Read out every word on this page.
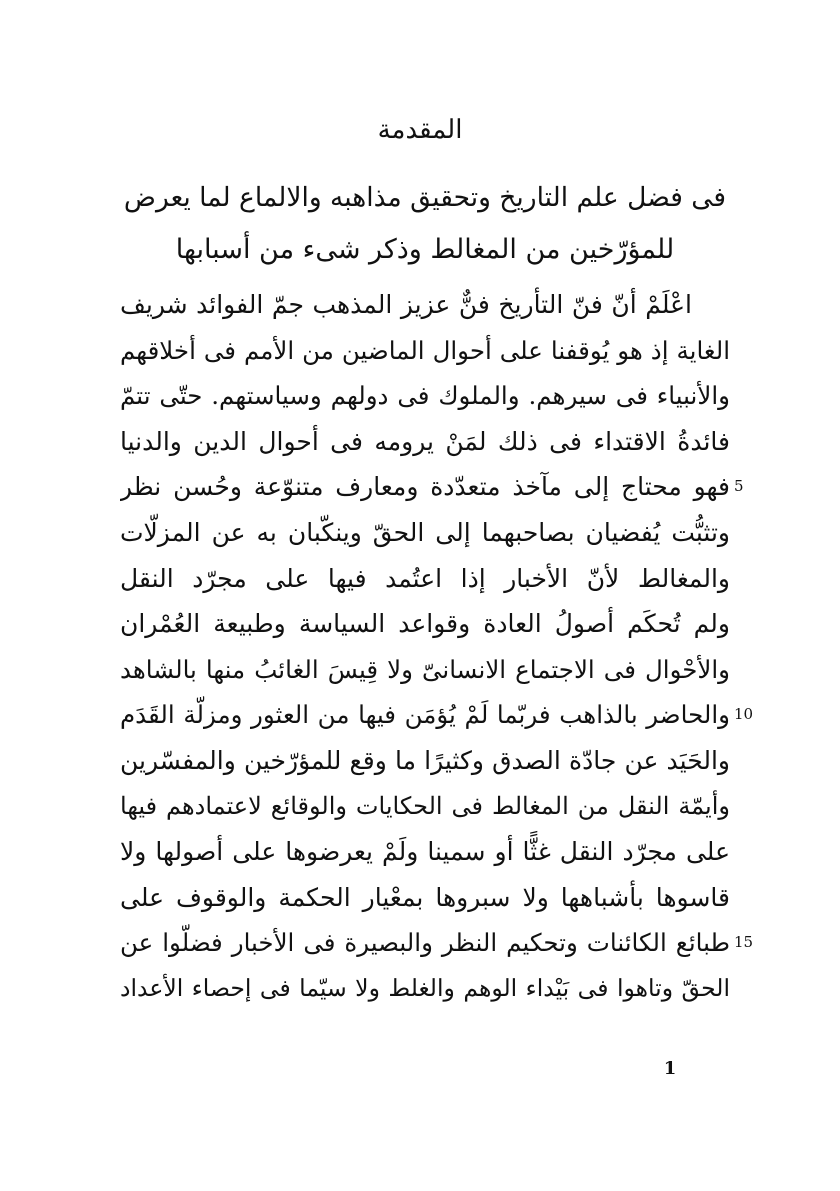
المقدمة
فى فضل علم التاريخ وتحقيق مذاهبه والالماع لما يعرض
للمؤرّخين من المغالط وذكر شىء من أسبابها
اعْلَمْ أنّ فنّ التأريخ فنٌّ عزيز المذهب جمّ الفوائد شريف
الغاية إذ هو يُوقفنا على أحوال الماضين من الأمم فى أخلاقهم
والأنبياء فى سيرهم. والملوك فى دولهم وسياستهم. حتّى تتمّ
فائدةُ الاقتداء فى ذلك لمَنْ يرومه فى أحوال الدين والدنيا
فهو محتاج إلى مآخذ متعدّدة ومعارف متنوّعة وحُسن نظر
وتثبُّت يُفضيان بصاحبهما إلى الحقّ وينكّبان به عن المزلّات
والمغالط لأنّ الأخبار إذا اعتُمد فيها على مجرّد النقل
ولم تُحكَم أصولُ العادة وقواعد السياسة وطبيعة العُمْران
والأحْوال فى الاجتماع الانسانىّ ولا قِيسَ الغائبُ منها بالشاهد
والحاضر بالذاهب فربّما لَمْ يُؤمَن فيها من العثور ومزلّة القَدَم
والحَيَد عن جادّة الصدق وكثيرًا ما وقع للمؤرّخين والمفسّرين
وأيمّة النقل من المغالط فى الحكايات والوقائع لاعتمادهم فيها
على مجرّد النقل غثًّا أو سمينا ولَمْ يعرضوها على أصولها ولا
قاسوها بأشباهها ولا سبروها بمعْيار الحكمة والوقوف على
طبائع الكائنات وتحكيم النظر والبصيرة فى الأخبار فضلّوا عن
الحقّ وتاهوا فى بَيْداء الوهم والغلط ولا سيّما فى إحصاء الأعداد
5
10
15
1
